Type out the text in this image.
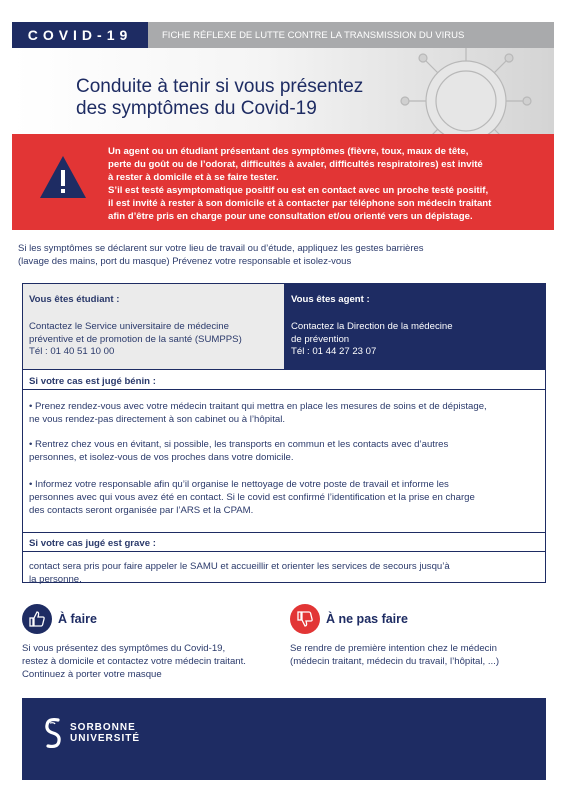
COVID-19	FICHE RÉFLEXE DE LUTTE CONTRE LA TRANSMISSION DU VIRUS
Conduite à tenir si vous présentez
des symptômes du Covid-19
Un agent ou un étudiant présentant des symptômes (fièvre, toux, maux de tête,
perte du goût ou de l’odorat, difficultés à avaler, difficultés respiratoires) est invité
à rester à domicile et à se faire tester.
S’il est testé asymptomatique positif ou est en contact avec un proche testé positif,
il est invité à rester à son domicile et à contacter par téléphone son médecin traitant
afin d’être pris en charge pour une consultation et/ou orienté vers un dépistage.
Si les symptômes se déclarent sur votre lieu de travail ou d’étude, appliquez les gestes barrières
(lavage des mains, port du masque) Prévenez votre responsable et isolez-vous
Vous êtes étudiant :
Contactez le Service universitaire de médecine
préventive et de promotion de la santé (SUMPPS)
Tél : 01 40 51 10 00
Vous êtes agent :
Contactez la Direction de la médecine
de prévention
Tél : 01 44 27 23 07
Si votre cas est jugé bénin :
• Prenez rendez-vous avec votre médecin traitant qui mettra en place les mesures de soins et de dépistage,
ne vous rendez-pas directement à son cabinet ou à l’hôpital.
• Rentrez chez vous en évitant, si possible, les transports en commun et les contacts avec d’autres
personnes, et isolez-vous de vos proches dans votre domicile.
• Informez votre responsable afin qu’il organise le nettoyage de votre poste de travail et informe les
personnes avec qui vous avez été en contact. Si le covid est confirmé l’identification et la prise en charge
des contacts seront organisée par l’ARS et la CPAM.
Si votre cas jugé est grave :
contact sera pris pour faire appeler le SAMU et accueillir et orienter les services de secours jusqu’à
la personne.
À faire
Si vous présentez des symptômes du Covid-19,
restez à domicile et contactez votre médecin traitant.
Continuez à porter votre masque
À ne pas faire
Se rendre de première intention chez le médecin
(médecin traitant, médecin du travail, l’hôpital, ...)
SORBONNE
UNIVERSITÉ
